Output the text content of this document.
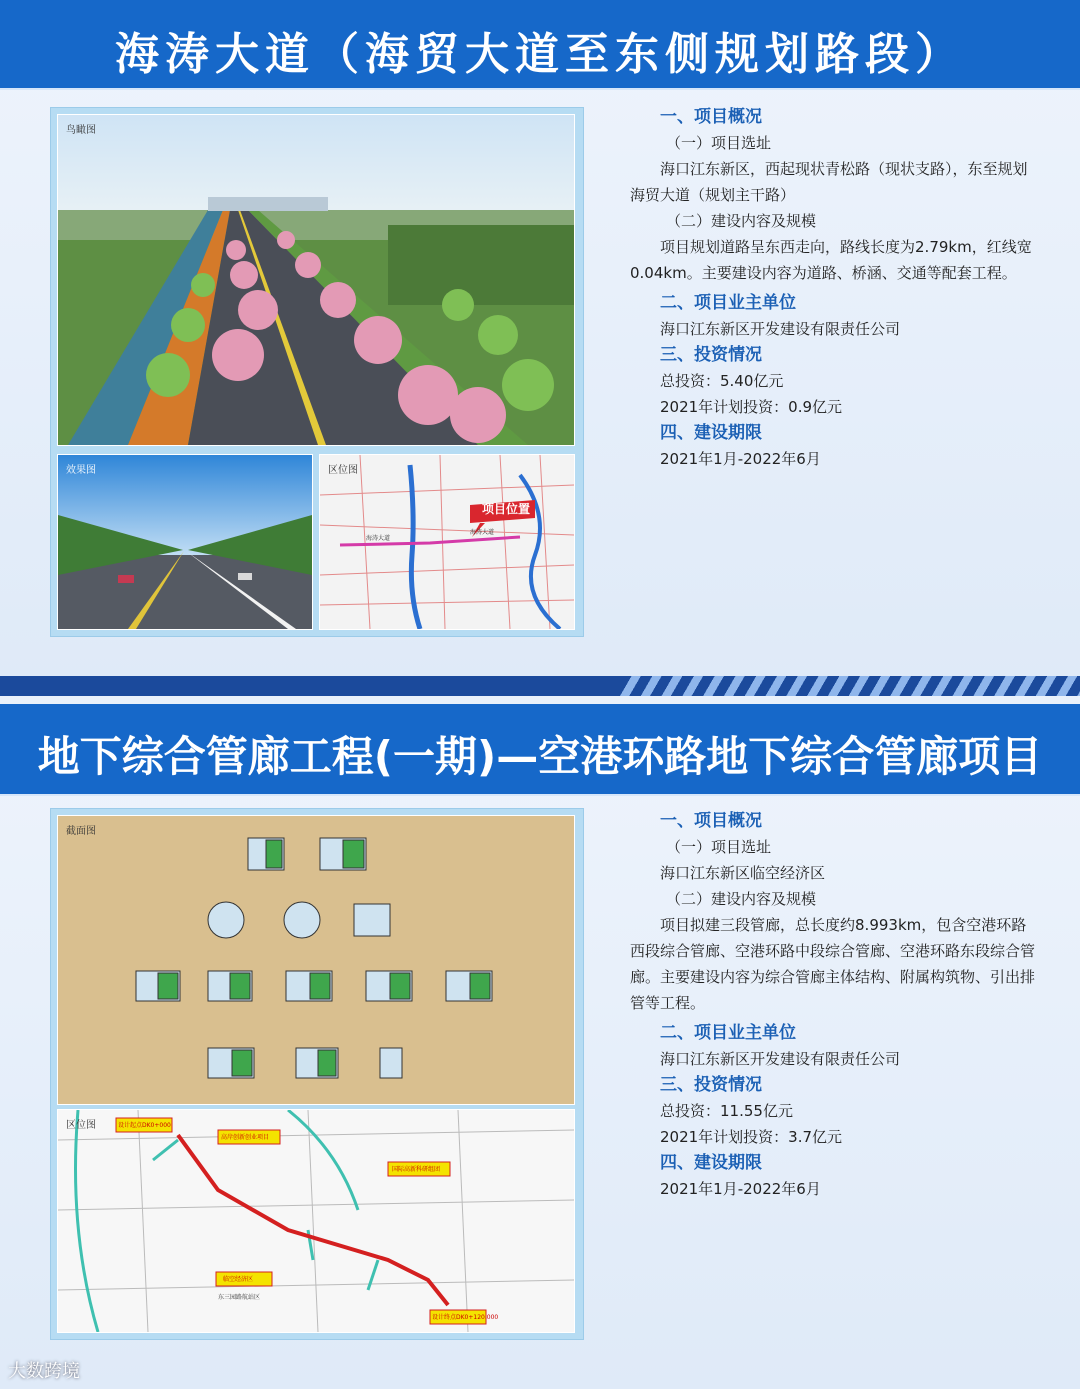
海涛大道（海贸大道至东侧规划路段）
鸟瞰图
效果图	区位图
项目位置
海涛大道
海涛大道
一、项目概况
（一）项目选址
海口江东新区，西起现状青松路（现状支路），东至规划海贸大道（规划主干路）
（二）建设内容及规模
项目规划道路呈东西走向，路线长度为2.79km，红线宽0.04km。主要建设内容为道路、桥涵、交通等配套工程。
二、项目业主单位
海口江东新区开发建设有限责任公司
三、投资情况
总投资：5.40亿元
2021年计划投资：0.9亿元
四、建设期限
2021年1月-2022年6月
地下综合管廊工程(一期)—空港环路地下综合管廊项目
截面图
区位图	设计起点DK0+000
高岸创新创业项目
国际高新科研组团
临空经济区
设计终点DK0+120.000
东三园路航站区
一、项目概况
（一）项目选址
海口江东新区临空经济区
（二）建设内容及规模
项目拟建三段管廊，总长度约8.993km，包含空港环路西段综合管廊、空港环路中段综合管廊、空港环路东段综合管廊。主要建设内容为综合管廊主体结构、附属构筑物、引出排管等工程。
二、项目业主单位
海口江东新区开发建设有限责任公司
三、投资情况
总投资：11.55亿元
2021年计划投资：3.7亿元
四、建设期限
2021年1月-2022年6月
大数跨境
